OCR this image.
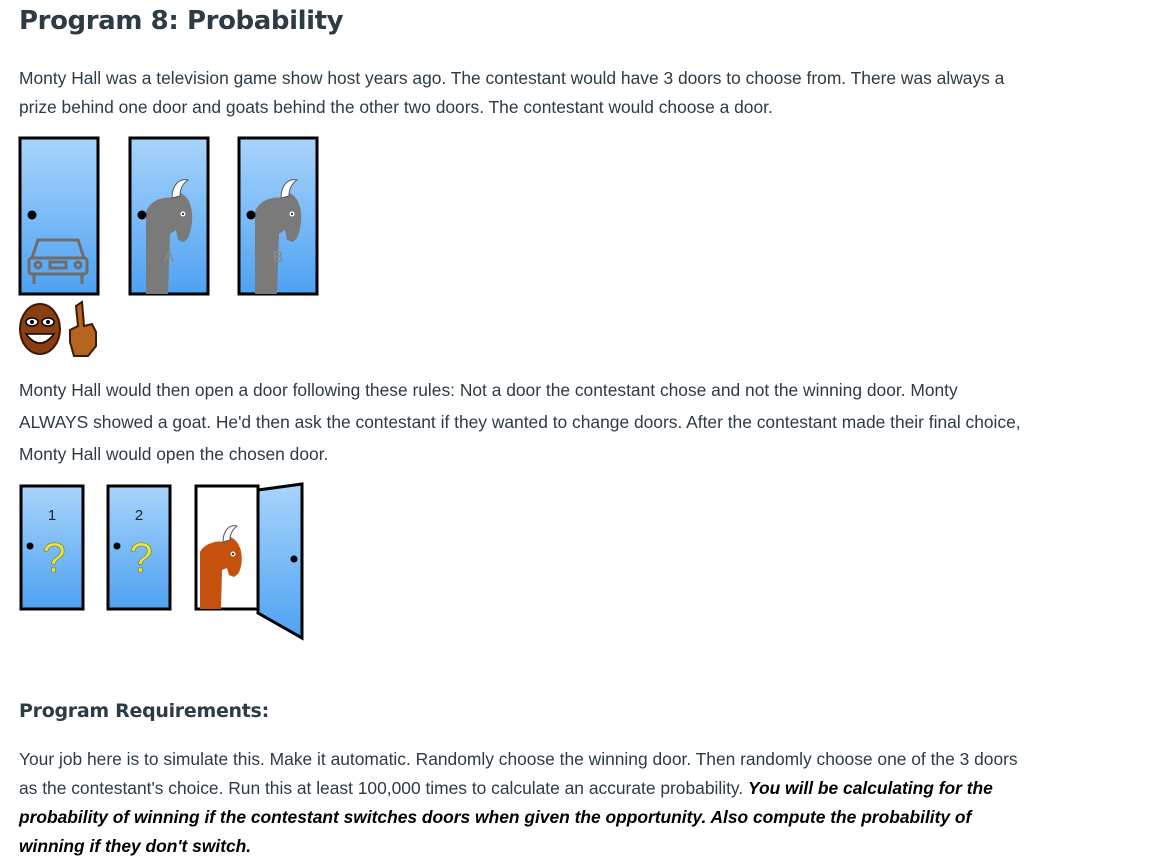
Program 8: Probability

Monty Hall was a television game show host years ago. The contestant would have 3 doors to choose from. There was always a prize behind one door and goats behind the other two doors. The contestant would choose a door.

A	B

Monty Hall would then open a door following these rules: Not a door the contestant chose and not the winning door. Monty ALWAYS showed a goat. He'd then ask the contestant if they wanted to change doors. After the contestant made their final choice, Monty Hall would open the chosen door.

1
?
2
?
Program Requirements:

Your job here is to simulate this. Make it automatic. Randomly choose the winning door. Then randomly choose one of the 3 doors as the contestant's choice. Run this at least 100,000 times to calculate an accurate probability. You will be calculating for the probability of winning if the contestant switches doors when given the opportunity. Also compute the probability of winning if they don't switch.
